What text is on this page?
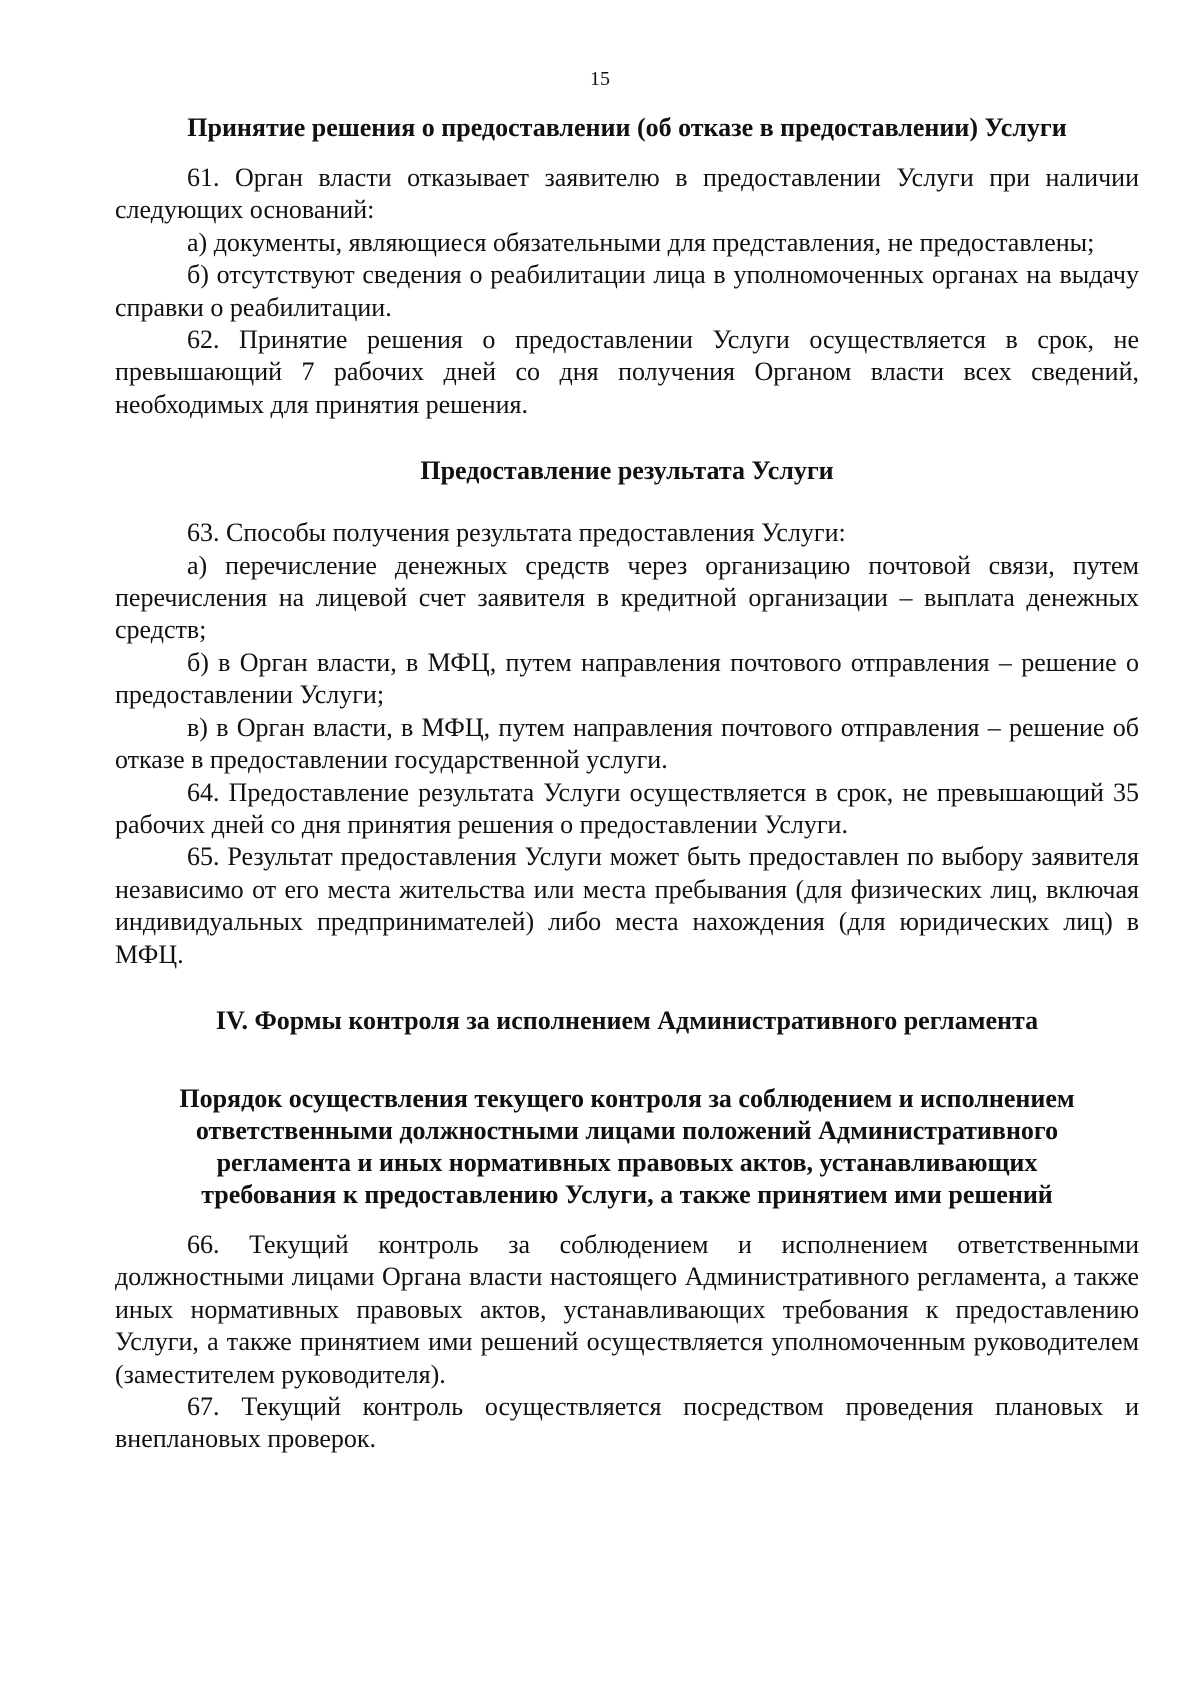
15
Принятие решения о предоставлении (об отказе в предоставлении) Услуги

61. Орган власти отказывает заявителю в предоставлении Услуги при наличии следующих оснований:

а) документы, являющиеся обязательными для представления, не предоставлены;

б) отсутствуют сведения о реабилитации лица в уполномоченных органах на выдачу справки о реабилитации.

62. Принятие решения о предоставлении Услуги осуществляется в срок, не превышающий 7 рабочих дней со дня получения Органом власти всех сведений, необходимых для принятия решения.

Предоставление результата Услуги

63. Способы получения результата предоставления Услуги:

а) перечисление денежных средств через организацию почтовой связи, путем перечисления на лицевой счет заявителя в кредитной организации – выплата денежных средств;

б) в Орган власти, в МФЦ, путем направления почтового отправления – решение о предоставлении Услуги;

в) в Орган власти, в МФЦ, путем направления почтового отправления – решение об отказе в предоставлении государственной услуги.

64. Предоставление результата Услуги осуществляется в срок, не превышающий 35 рабочих дней со дня принятия решения о предоставлении Услуги.

65. Результат предоставления Услуги может быть предоставлен по выбору заявителя независимо от его места жительства или места пребывания (для физических лиц, включая индивидуальных предпринимателей) либо места нахождения (для юридических лиц) в МФЦ.

IV. Формы контроля за исполнением Административного регламента
Порядок осуществления текущего контроля за соблюдением и исполнением
ответственными должностными лицами положений Административного
регламента и иных нормативных правовых актов, устанавливающих
требования к предоставлению Услуги, а также принятием ими решений

66. Текущий контроль за соблюдением и исполнением ответственными должностными лицами Органа власти настоящего Административного регламента, а также иных нормативных правовых актов, устанавливающих требования к предоставлению Услуги, а также принятием ими решений осуществляется уполномоченным руководителем (заместителем руководителя).

67. Текущий контроль осуществляется посредством проведения плановых и внеплановых проверок.
